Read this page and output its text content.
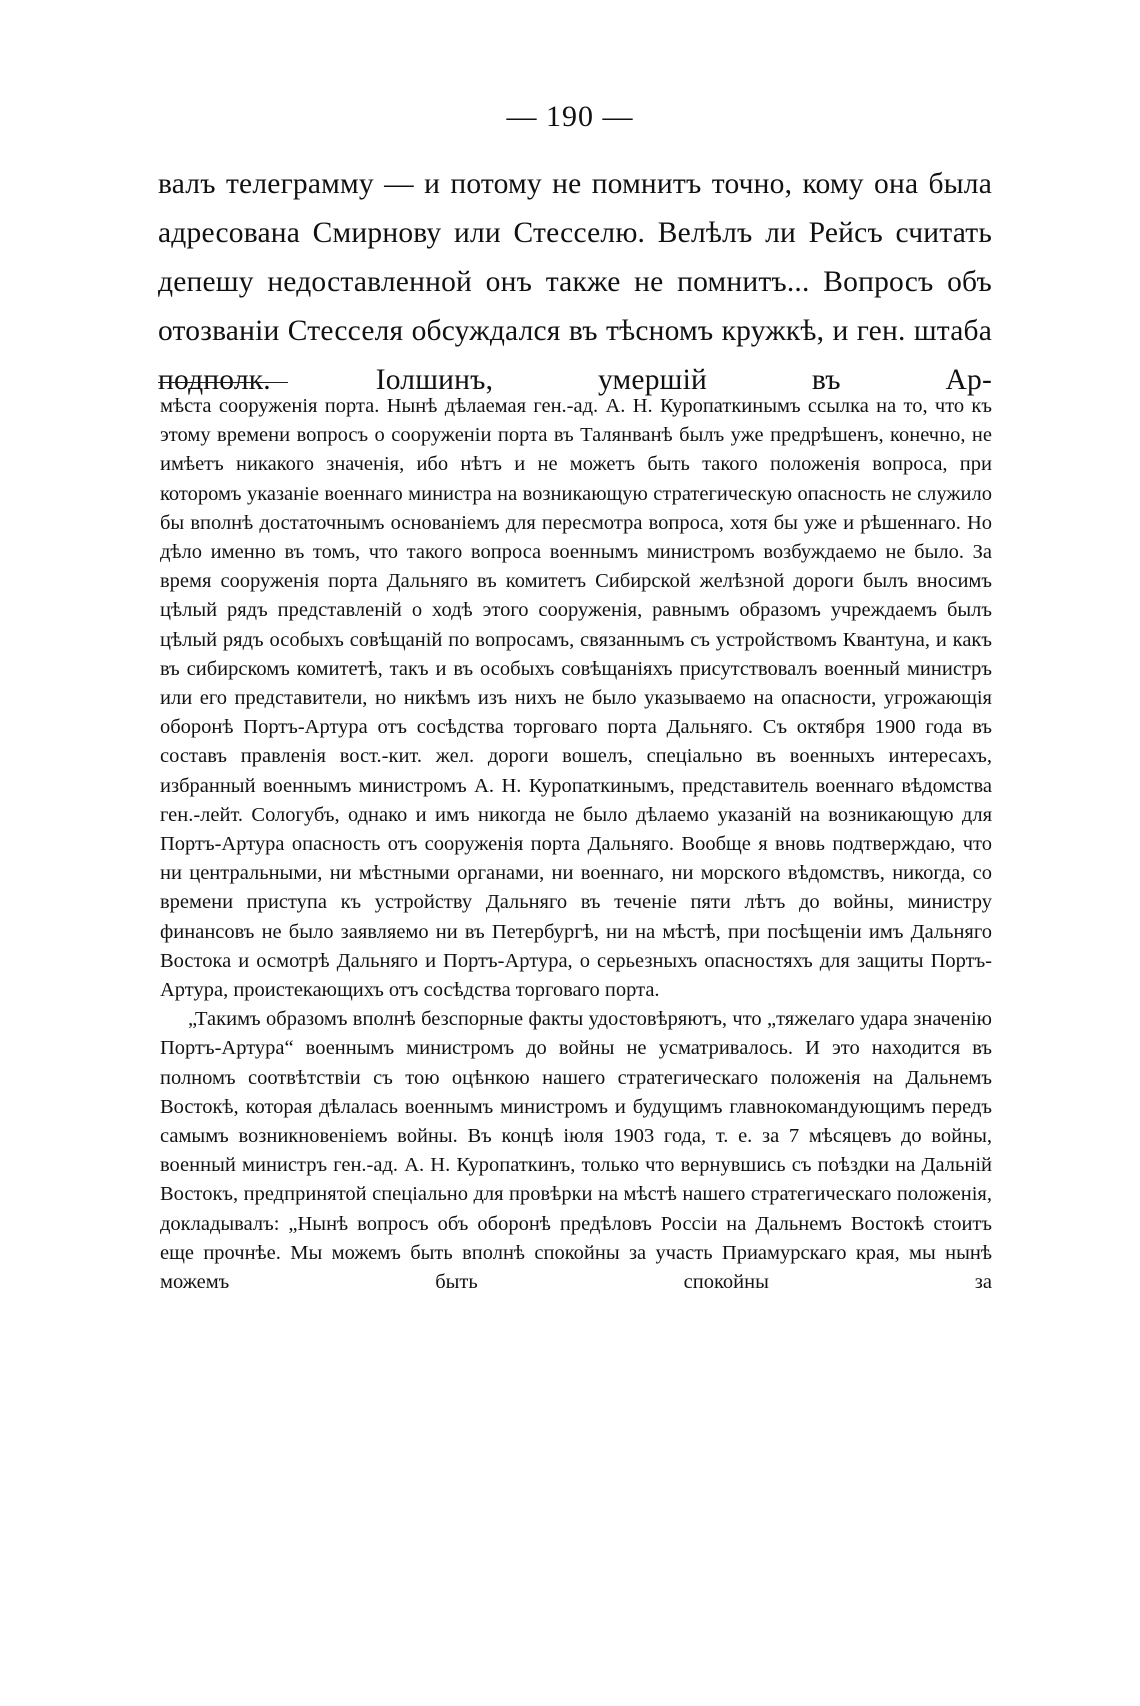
— 190 —

валъ телеграмму — и потому не помнитъ точно, кому она была адресована Смирнову или Стесселю. Велѣлъ ли Рейсъ считать депешу недоставленной онъ также не помнитъ... Вопросъ объ отозваніи Стесселя обсуждался въ тѣсномъ кружкѣ, и ген. штаба подполк. Іолшинъ, умершій въ Ар-

мѣста сооруженія порта. Нынѣ дѣлаемая ген.-ад. А. Н. Куропаткинымъ ссылка на то, что къ этому времени вопросъ о сооруженіи порта въ Талянванѣ былъ уже предрѣшенъ, конечно, не имѣетъ никакого значенія, ибо нѣтъ и не можетъ быть такого положенія вопроса, при которомъ указаніе военнаго министра на возникающую стратегическую опасность не служило бы вполнѣ достаточнымъ основаніемъ для пересмотра вопроса, хотя бы уже и рѣшеннаго. Но дѣло именно въ томъ, что такого вопроса военнымъ министромъ возбуждаемо не было. За время сооруженія порта Дальняго въ комитетъ Сибирской желѣзной дороги былъ вносимъ цѣлый рядъ представленій о ходѣ этого сооруженія, равнымъ образомъ учреждаемъ былъ цѣлый рядъ особыхъ совѣщаній по вопросамъ, связаннымъ съ устройствомъ Квантуна, и какъ въ сибирскомъ комитетѣ, такъ и въ особыхъ совѣщаніяхъ присутствовалъ военный министръ или его представители, но никѣмъ изъ нихъ не было указываемо на опасности, угрожающія оборонѣ Портъ-Артура отъ сосѣдства торговаго порта Дальняго. Съ октября 1900 года въ составъ правленія вост.-кит. жел. дороги вошелъ, спеціально въ военныхъ интересахъ, избранный военнымъ министромъ А. Н. Куропаткинымъ, представитель военнаго вѣдомства ген.-лейт. Сологубъ, однако и имъ никогда не было дѣлаемо указаній на возникающую для Портъ-Артура опасность отъ сооруженія порта Дальняго. Вообще я вновь подтверждаю, что ни центральными, ни мѣстными органами, ни военнаго, ни морского вѣдомствъ, никогда, со времени приступа къ устройству Дальняго въ теченіе пяти лѣтъ до войны, министру финансовъ не было заявляемо ни въ Петербургѣ, ни на мѣстѣ, при посѣщеніи имъ Дальняго Востока и осмотрѣ Дальняго и Портъ-Артура, о серьезныхъ опасностяхъ для защиты Портъ-Артура, проистекающихъ отъ сосѣдства торговаго порта.

„Такимъ образомъ вполнѣ безспорные факты удостовѣряютъ, что „тяжелаго удара значенію Портъ-Артура“ военнымъ министромъ до войны не усматривалось. И это находится въ полномъ соотвѣтствіи съ тою оцѣнкою нашего стратегическаго положенія на Дальнемъ Востокѣ, которая дѣлалась военнымъ министромъ и будущимъ главнокомандующимъ передъ самымъ возникновеніемъ войны. Въ концѣ іюля 1903 года, т. е. за 7 мѣсяцевъ до войны, военный министръ ген.-ад. А. Н. Куропаткинъ, только что вернувшись съ поѣздки на Дальній Востокъ, предпринятой спеціально для провѣрки на мѣстѣ нашего стратегическаго положенія, докладывалъ: „Нынѣ вопросъ объ оборонѣ предѣловъ Россіи на Дальнемъ Востокѣ стоитъ еще прочнѣе. Мы можемъ быть вполнѣ спокойны за участь Приамурскаго края, мы нынѣ можемъ быть спокойны за
